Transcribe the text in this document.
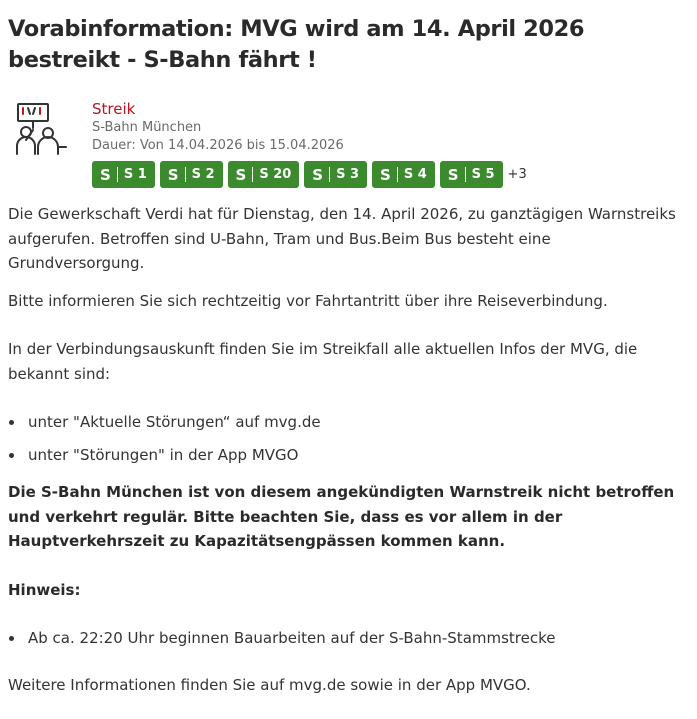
Vorabinformation: MVG wird am 14. April 2026 bestreikt - S-Bahn fährt !
Streik
S-Bahn München
Dauer: Von 14.04.2026 bis 15.04.2026
S	S 1	S	S 2	S	S 20	S	S 3	S	S 4	S	S 5	+3

Die Gewerkschaft Verdi hat für Dienstag, den 14. April 2026, zu ganztägigen Warnstreiks aufgerufen. Betroffen sind U-Bahn, Tram und Bus.Beim Bus besteht eine Grundversorgung.

Bitte informieren Sie sich rechtzeitig vor Fahrtantritt über ihre Reiseverbindung.

In der Verbindungsauskunft finden Sie im Streikfall alle aktuellen Infos der MVG, die bekannt sind:

unter "Aktuelle Störungen“ auf mvg.de
unter "Störungen" in der App MVGO

Die S-Bahn München ist von diesem angekündigten Warnstreik nicht betroffen und verkehrt regulär. Bitte beachten Sie, dass es vor allem in der Hauptverkehrszeit zu Kapazitätsengpässen kommen kann.

Hinweis:

Ab ca. 22:20 Uhr beginnen Bauarbeiten auf der S-Bahn-Stammstrecke

Weitere Informationen finden Sie auf mvg.de sowie in der App MVGO.
